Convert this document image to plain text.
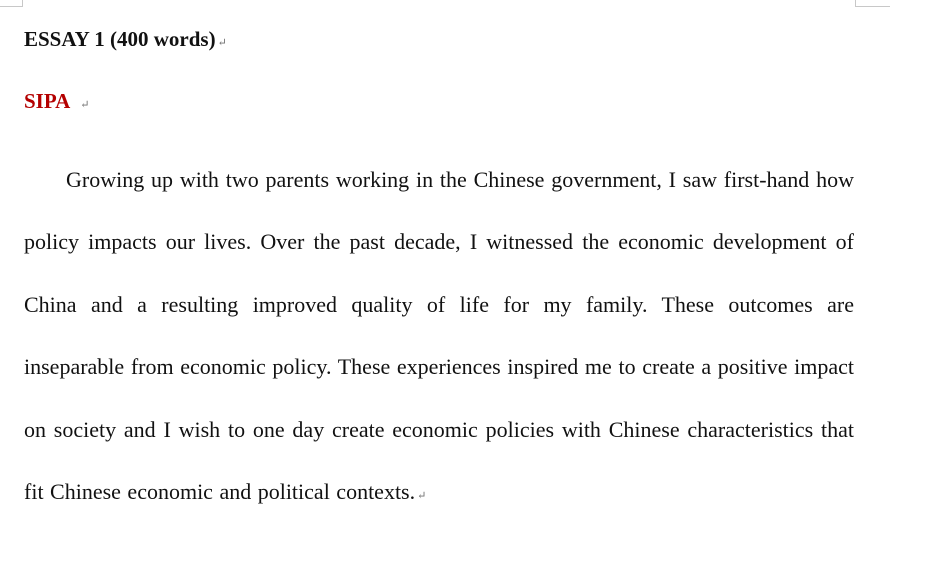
ESSAY 1 (400 words) ↵
SIPA ↵

Growing up with two parents working in the Chinese government, I saw first-hand how policy impacts our lives. Over the past decade, I witnessed the economic development of China and a resulting improved quality of life for my family. These outcomes are inseparable from economic policy. These experiences inspired me to create a positive impact on society and I wish to one day create economic policies with Chinese characteristics that fit Chinese economic and political contexts. ↵
